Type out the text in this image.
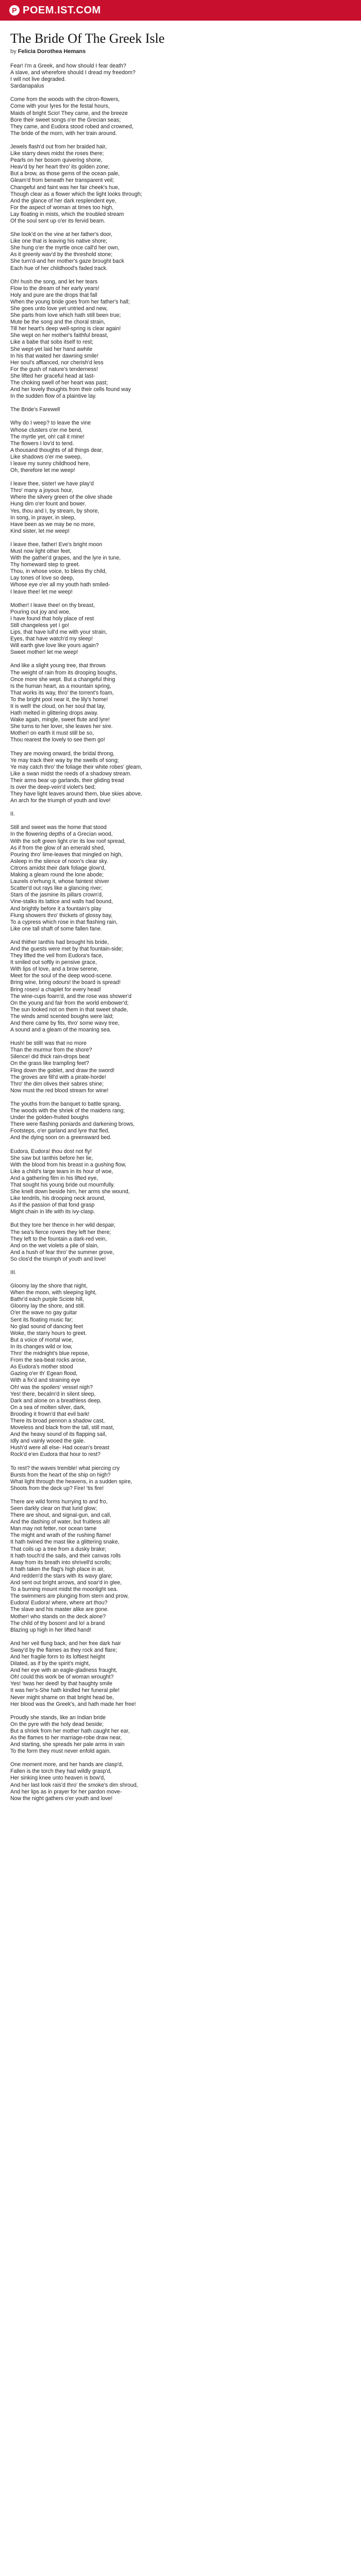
P POEM . IST.COM
The Bride Of The Greek Isle
by Felicia Dorothea Hemans
Fear! I'm a Greek, and how should I fear death?
A slave, and wherefore should I dread my freedom?
I will not live degraded.
Sardanapalus
Come from the woods with the citron-flowers,
Come with your lyres for the festal hours,
Maids of bright Scio! They came, and the breeze
Bore their sweet songs o'er the Grecian seas;
They came, and Eudora stood robed and crowned,
The bride of the morn, with her train around.
Jewels flash'd out from her braided hair,
Like starry dews midst the roses there;
Pearls on her bosom quivering shone,
Heav'd by her heart thro' its golden zone;
But a brow, as those gems of the ocean pale,
Gleam'd from beneath her transparent veil;
Changeful and faint was her fair cheek's hue,
Though clear as a flower which the light looks through;
And the glance of her dark resplendent eye,
For the aspect of woman at times too high,
Lay floating in mists, which the troubled stream
Of the soul sent up o'er its fervid beam.
She look'd on the vine at her father's door,
Like one that is leaving his native shore;
She hung o'er the myrtle once call'd her own,
As it greenly wav'd by the threshold stone;
She turn'd-and her mother's gaze brought back
Each hue of her childhood's faded track.
Oh! hush the song, and let her tears
Flow to the dream of her early years!
Holy and pure are the drops that fall
When the young bride goes from her father's hall;
She goes unto love yet untried and new,
She parts from love which hath still been true;
Mute be the song and the choral strain,
Till her heart's deep well-spring is clear again!
She wept on her mother's faithful breast,
Like a babe that sobs itself to rest;
She wept-yet laid her hand awhile
In his that waited her dawning smile!
Her soul's affianced, nor cherish'd less
For the gush of nature's tenderness!
She lifted her graceful head at last-
The choking swell of her heart was past;
And her lovely thoughts from their cells found way
In the sudden flow of a plaintive lay.
The Bride's Farewell
Why do I weep? to leave the vine
Whose clusters o'er me bend,
The myrtle yet, oh! call it mine!
The flowers I lov'd to tend.
A thousand thoughts of all things dear,
Like shadows o'er me sweep,
I leave my sunny childhood here,
Oh, therefore let me weep!
I leave thee, sister! we have play'd
Thro' many a joyous hour,
Where the silvery green of the olive shade
Hung dim o'er fount and bower.
Yes, thou and I, by stream, by shore,
In song, in prayer, in sleep,
Have been as we may be no more,
Kind sister, let me weep!
I leave thee, father! Eve's bright moon
Must now light other feet,
With the gather'd grapes, and the lyre in tune,
Thy homeward step to greet.
Thou, in whose voice, to bless thy child,
Lay tones of love so deep,
Whose eye o'er all my youth hath smiled-
I leave thee! let me weep!
Mother! I leave thee! on thy breast,
Pouring out joy and woe,
I have found that holy place of rest
Still changeless yet I go!
Lips, that have lull'd me with your strain,
Eyes, that have watch'd my sleep!
Will earth give love like yours again?
Sweet mother! let me weep!
And like a slight young tree, that throws
The weight of rain from its drooping boughs,
Once more she wept. But a changeful thing
Is the human heart, as a mountain spring,
That works its way, thro' the torrent's foam,
To the bright pool near it, the lily's home!
It is well! the cloud, on her soul that lay,
Hath melted in glittering drops away.
Wake again, mingle, sweet flute and lyre!
She turns to her lover, she leaves her sire.
Mother! on earth it must still be so,
Thou rearest the lovely to see them go!
They are moving onward, the bridal throng,
Ye may track their way by the swells of song;
Ye may catch thro' the foliage their white robes' gleam,
Like a swan midst the reeds of a shadowy stream.
Their arms bear up garlands, their gliding tread
Is over the deep-vein'd violet's bed;
They have light leaves around them, blue skies above,
An arch for the triumph of youth and love!
II.
Still and sweet was the home that stood
In the flowering depths of a Grecian wood,
With the soft green light o'er its low roof spread,
As if from the glow of an emerald shed,
Pouring thro' lime-leaves that mingled on high,
Asleep in the silence of noon's clear sky.
Citrons amidst their dark foliage glow'd,
Making a gleam round the lone abode;
Laurels o'erhung it, whose faintest shiver
Scatter'd out rays like a glancing river;
Stars of the jasmine its pillars crown'd,
Vine-stalks its lattice and walls had bound,
And brightly before it a fountain's play
Flung showers thro' thickets of glossy bay,
To a cypress which rose in that flashing rain,
Like one tall shaft of some fallen fane.
And thither Ianthis had brought his bride,
And the guests were met by that fountain-side;
They lifted the veil from Eudora's face,
It smiled out softly in pensive grace,
With lips of love, and a brow serene,
Meet for the soul of the deep wood-scene.
Bring wine, bring odours! the board is spread!
Bring roses! a chaplet for every head!
The wine-cups foam'd, and the rose was shower'd
On the young and fair from the world embower'd;
The sun looked not on them in that sweet shade,
The winds amid scented boughs were laid;
And there came by fits, thro' some wavy tree,
A sound and a gleam of the moaning sea.
Hush! be still! was that no more
Than the murmur from the shore?
Silence! did thick rain-drops beat
On the grass like trampling feet?
Fling down the goblet, and draw the sword!
The groves are fill'd with a pirate-horde!
Thro' the dim olives their sabres shine;
Now must the red blood stream for wine!
The youths from the banquet to battle sprang,
The woods with the shriek of the maidens rang;
Under the golden-fruited boughs
There were flashing poniards and darkening brows,
Footsteps, o'er garland and lyre that fled,
And the dying soon on a greensward bed.
Eudora, Eudora! thou dost not fly!
She saw but Ianthis before her lie,
With the blood from his breast in a gushing flow,
Like a child's large tears in its hour of woe,
And a gathering film in his lifted eye,
That sought his young bride out mournfully.
She knelt down beside him, her arms she wound,
Like tendrils, his drooping neck around,
As if the passion of that fond grasp
Might chain in life with its ivy-clasp.
But they tore her thence in her wild despair,
The sea's fierce rovers they left her there;
They left to the fountain a dark-red vein,
And on the wet violets a pile of slain,
And a hush of fear thro' the summer grove,
So clos'd the triumph of youth and love!
III.
Gloomy lay the shore that night,
When the moon, with sleeping light,
Bathr'd each purple Sciote hill,
Gloomy lay the shore, and still.
O'er the wave no gay guitar
Sent its floating music far;
No glad sound of dancing feet
Woke, the starry hours to greet.
But a voice of mortal woe,
In its changes wild or low,
Thro' the midnight's blue repose,
From the sea-beat rocks arose,
As Eudora's mother stood
Gazing o'er th' Egean flood,
With a fix'd and straining eye
Oh! was the spoilers' vessel nigh?
Yes! there, becalm'd in silent sleep,
Dark and alone on a breathless deep,
On a sea of molten silver, dark,
Brooding it frown'd that evil bark!
There its broad pennon a shadow cast,
Moveless and black from the tall, still mast,
And the heavy sound of its flapping sail,
Idly and vainly wooed the gale.
Hush'd were all else- Had ocean's breast
Rock'd e'en Eudora that hour to rest?
To rest? the waves tremble! what piercing cry
Bursts from the heart of the ship on high?
What light through the heavens, in a sudden spire,
Shoots from the deck up? Fire! 'tis fire!
There are wild forms hurrying to and fro,
Seen darkly clear on that lurid glow;
There are shout, and signal-gun, and call,
And the dashing of water, but fruitless all!
Man may not fetter, nor ocean tame
The might and wrath of the rushing flame!
It hath twined the mast like a glittering snake,
That coils up a tree from a dusky brake;
It hath touch'd the sails, and their canvas rolls
Away from its breath into shrivell'd scrolls;
It hath taken the flag's high place in air,
And redden'd the stars with its wavy glare;
And sent out bright arrows, and soar'd in glee,
To a burning mount midst the moonlight sea.
The swimmers are plunging from stern and prow,
Eudora! Eudora! where, where art thou?
The slave and his master alike are gone.
Mother! who stands on the deck alone?
The child of thy bosom! and lo! a brand
Blazing up high in her lifted hand!
And her veil flung back, and her free dark hair
Sway'd by the flames as they rock and flare;
And her fragile form to its loftiest height
Dilated, as if by the spirit's might,
And her eye with an eagle-gladness fraught,
Oh! could this work be of woman wrought?
Yes! 'twas her deed! by that haughty smile
It was her's-She hath kindled her funeral pile!
Never might shame on that bright head be,
Her blood was the Greek's, and hath made her free!
Proudly she stands, like an Indian bride
On the pyre with the holy dead beside;
But a shriek from her mother hath caught her ear,
As the flames to her marriage-robe draw near,
And starting, she spreads her pale arms in vain
To the form they must never enfold again.
One moment more, and her hands are clasp'd,
Fallen is the torch they had wildly grasp'd,
Her sinking knee unto heaven is bow'd,
And her last look rais'd thro' the smoke's dim shroud,
And her lips as in prayer for her pardon move-
Now the night gathers o'er youth and love!
